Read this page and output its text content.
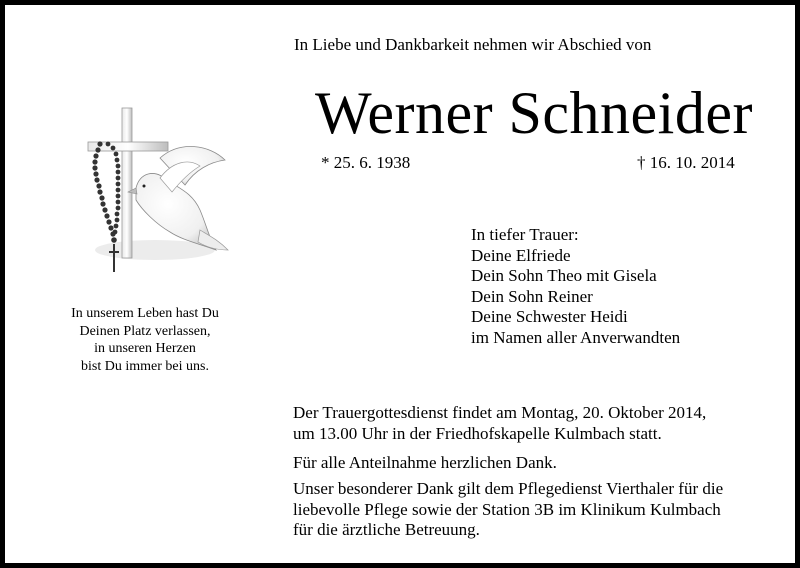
In Liebe und Dankbarkeit nehmen wir Abschied von
Werner Schneider
* 25. 6. 1938	† 16. 10. 2014
In tiefer Trauer:
Deine Elfriede
Dein Sohn Theo mit Gisela
Dein Sohn Reiner
Deine Schwester Heidi
im Namen aller Anverwandten
In unserem Leben hast Du
Deinen Platz verlassen,
in unseren Herzen
bist Du immer bei uns.
Der Trauergottesdienst findet am Montag, 20. Oktober 2014,
um 13.00 Uhr in der Friedhofskapelle Kulmbach statt.
Für alle Anteilnahme herzlichen Dank.
Unser besonderer Dank gilt dem Pflegedienst Vierthaler für die
liebevolle Pflege sowie der Station 3B im Klinikum Kulmbach
für die ärztliche Betreuung.
